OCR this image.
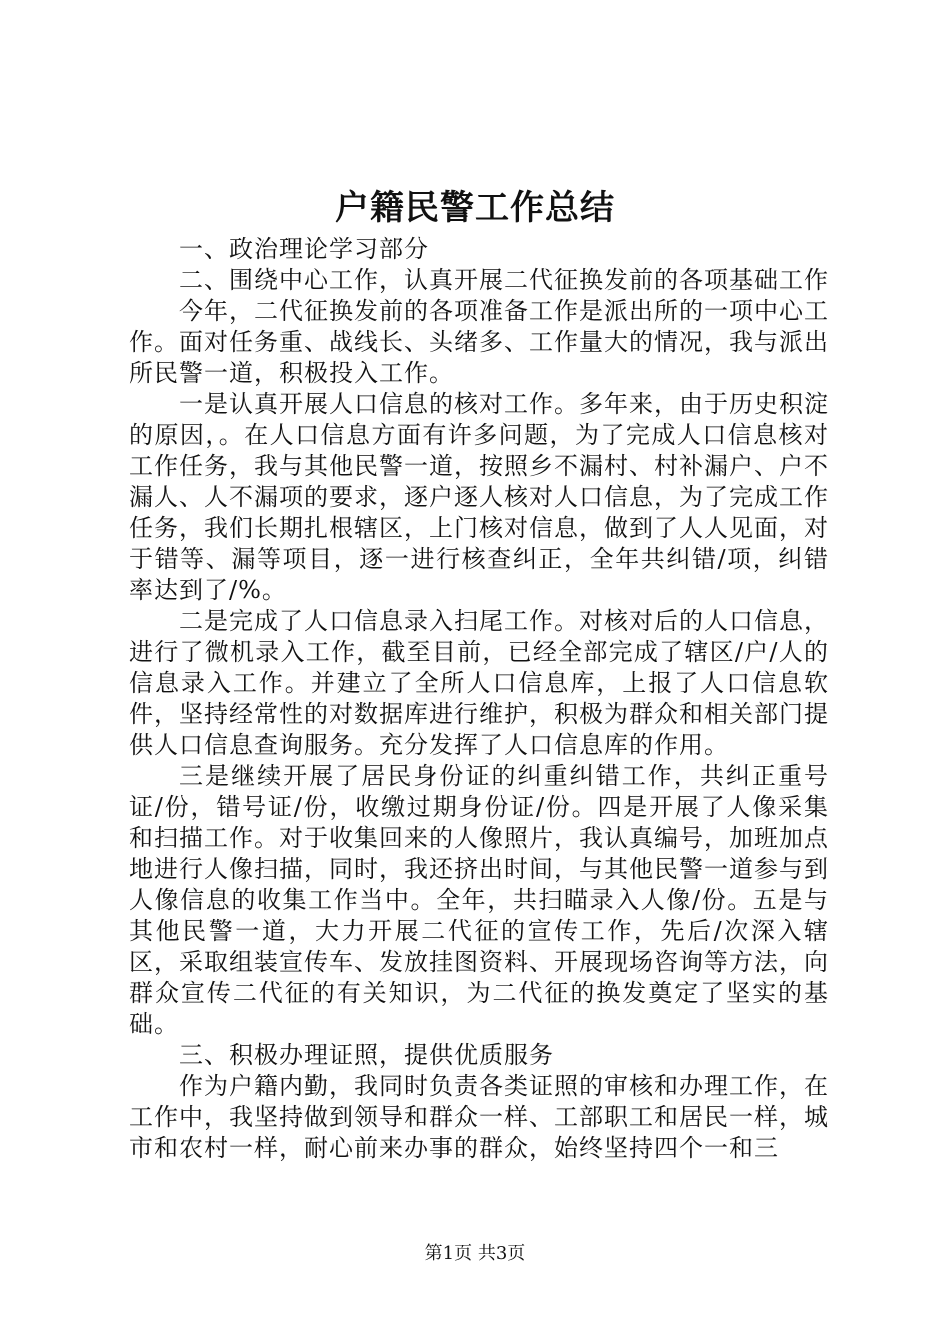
户籍民警工作总结

一、政治理论学习部分

二、围绕中心工作，认真开展二代征换发前的各项基础工作

今年，二代征换发前的各项准备工作是派出所的一项中心工作。面对任务重、战线长、头绪多、工作量大的情况，我与派出所民警一道，积极投入工作。

一是认真开展人口信息的核对工作。多年来，由于历史积淀的原因，。在人口信息方面有许多问题，为了完成人口信息核对工作任务，我与其他民警一道，按照乡不漏村、村补漏户、户不漏人、人不漏项的要求，逐户逐人核对人口信息，为了完成工作任务，我们长期扎根辖区，上门核对信息，做到了人人见面，对于错等、漏等项目，逐一进行核查纠正，全年共纠错/项，纠错率达到了/%。

二是完成了人口信息录入扫尾工作。对核对后的人口信息，进行了微机录入工作，截至目前，已经全部完成了辖区/户/人的信息录入工作。并建立了全所人口信息库，上报了人口信息软件，坚持经常性的对数据库进行维护，积极为群众和相关部门提供人口信息查询服务。充分发挥了人口信息库的作用。

三是继续开展了居民身份证的纠重纠错工作，共纠正重号证/份，错号证/份，收缴过期身份证/份。四是开展了人像采集和扫描工作。对于收集回来的人像照片，我认真编号，加班加点地进行人像扫描，同时，我还挤出时间，与其他民警一道参与到人像信息的收集工作当中。全年，共扫瞄录入人像/份。五是与其他民警一道，大力开展二代征的宣传工作，先后/次深入辖区，采取组装宣传车、发放挂图资料、开展现场咨询等方法，向群众宣传二代征的有关知识，为二代征的换发奠定了坚实的基础。

三、积极办理证照，提供优质服务

作为户籍内勤，我同时负责各类证照的审核和办理工作，在工作中，我坚持做到领导和群众一样、工部职工和居民一样，城市和农村一样，耐心前来办事的群众，始终坚持四个一和三

第1页 共3页
